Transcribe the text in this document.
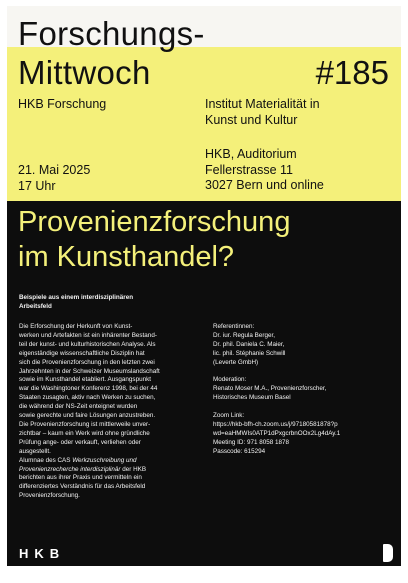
Forschungs-
Mittwoch	#185
HKB Forschung	Institut Materialität in
Kunst und Kultur
21. Mai 2025
17 Uhr
HKB, Auditorium
Fellerstrasse 11
3027 Bern und online
Provenienzforschung
im Kunsthandel?
Beispiele aus einem interdisziplinären
Arbeitsfeld

Die Erforschung der Herkunft von Kunst-

werken und Artefakten ist ein inhärenter Bestand-

teil der kunst- und kulturhistorischen Analyse. Als

eigenständige wissenschaftliche Disziplin hat

sich die Provenienzforschung in den letzten zwei

Jahrzehnten in der Schweizer Museumslandschaft

sowie im Kunsthandel etabliert. Ausgangspunkt

war die Washingtoner Konferenz 1998, bei der 44

Staaten zusagten, aktiv nach Werken zu suchen,

die während der NS-Zeit enteignet wurden

sowie gerechte und faire Lösungen anzustreben.

Die Provenienzforschung ist mittlerweile unver-

zichtbar – kaum ein Werk wird ohne gründliche

Prüfung ange- oder verkauft, verliehen oder

ausgestellt.

Alumnae des CAS Werkzuschreibung und

Provenienzrecherche interdisziplinär der HKB

berichten aus ihrer Praxis und vermitteln ein

differenziertes Verständnis für das Arbeitsfeld

Provenienzforschung.

Referentinnen:

Dr. iur. Regula Berger,

Dr. phil. Daniela C. Maier,

lic. phil. Stéphanie Schwill

(Leverte GmbH)

Moderation:

Renato Moser M.A., Provenienzforscher,

Historisches Museum Basel

Zoom Link:

https://hkb-bfh-ch.zoom.us/j/9718058187​8?p

wd=eaHMWIs0ATP1dPxgcrbnOOx2Lg4dAy.1

Meeting ID: 971 8058 1878

Passcode: 615294

H K B
